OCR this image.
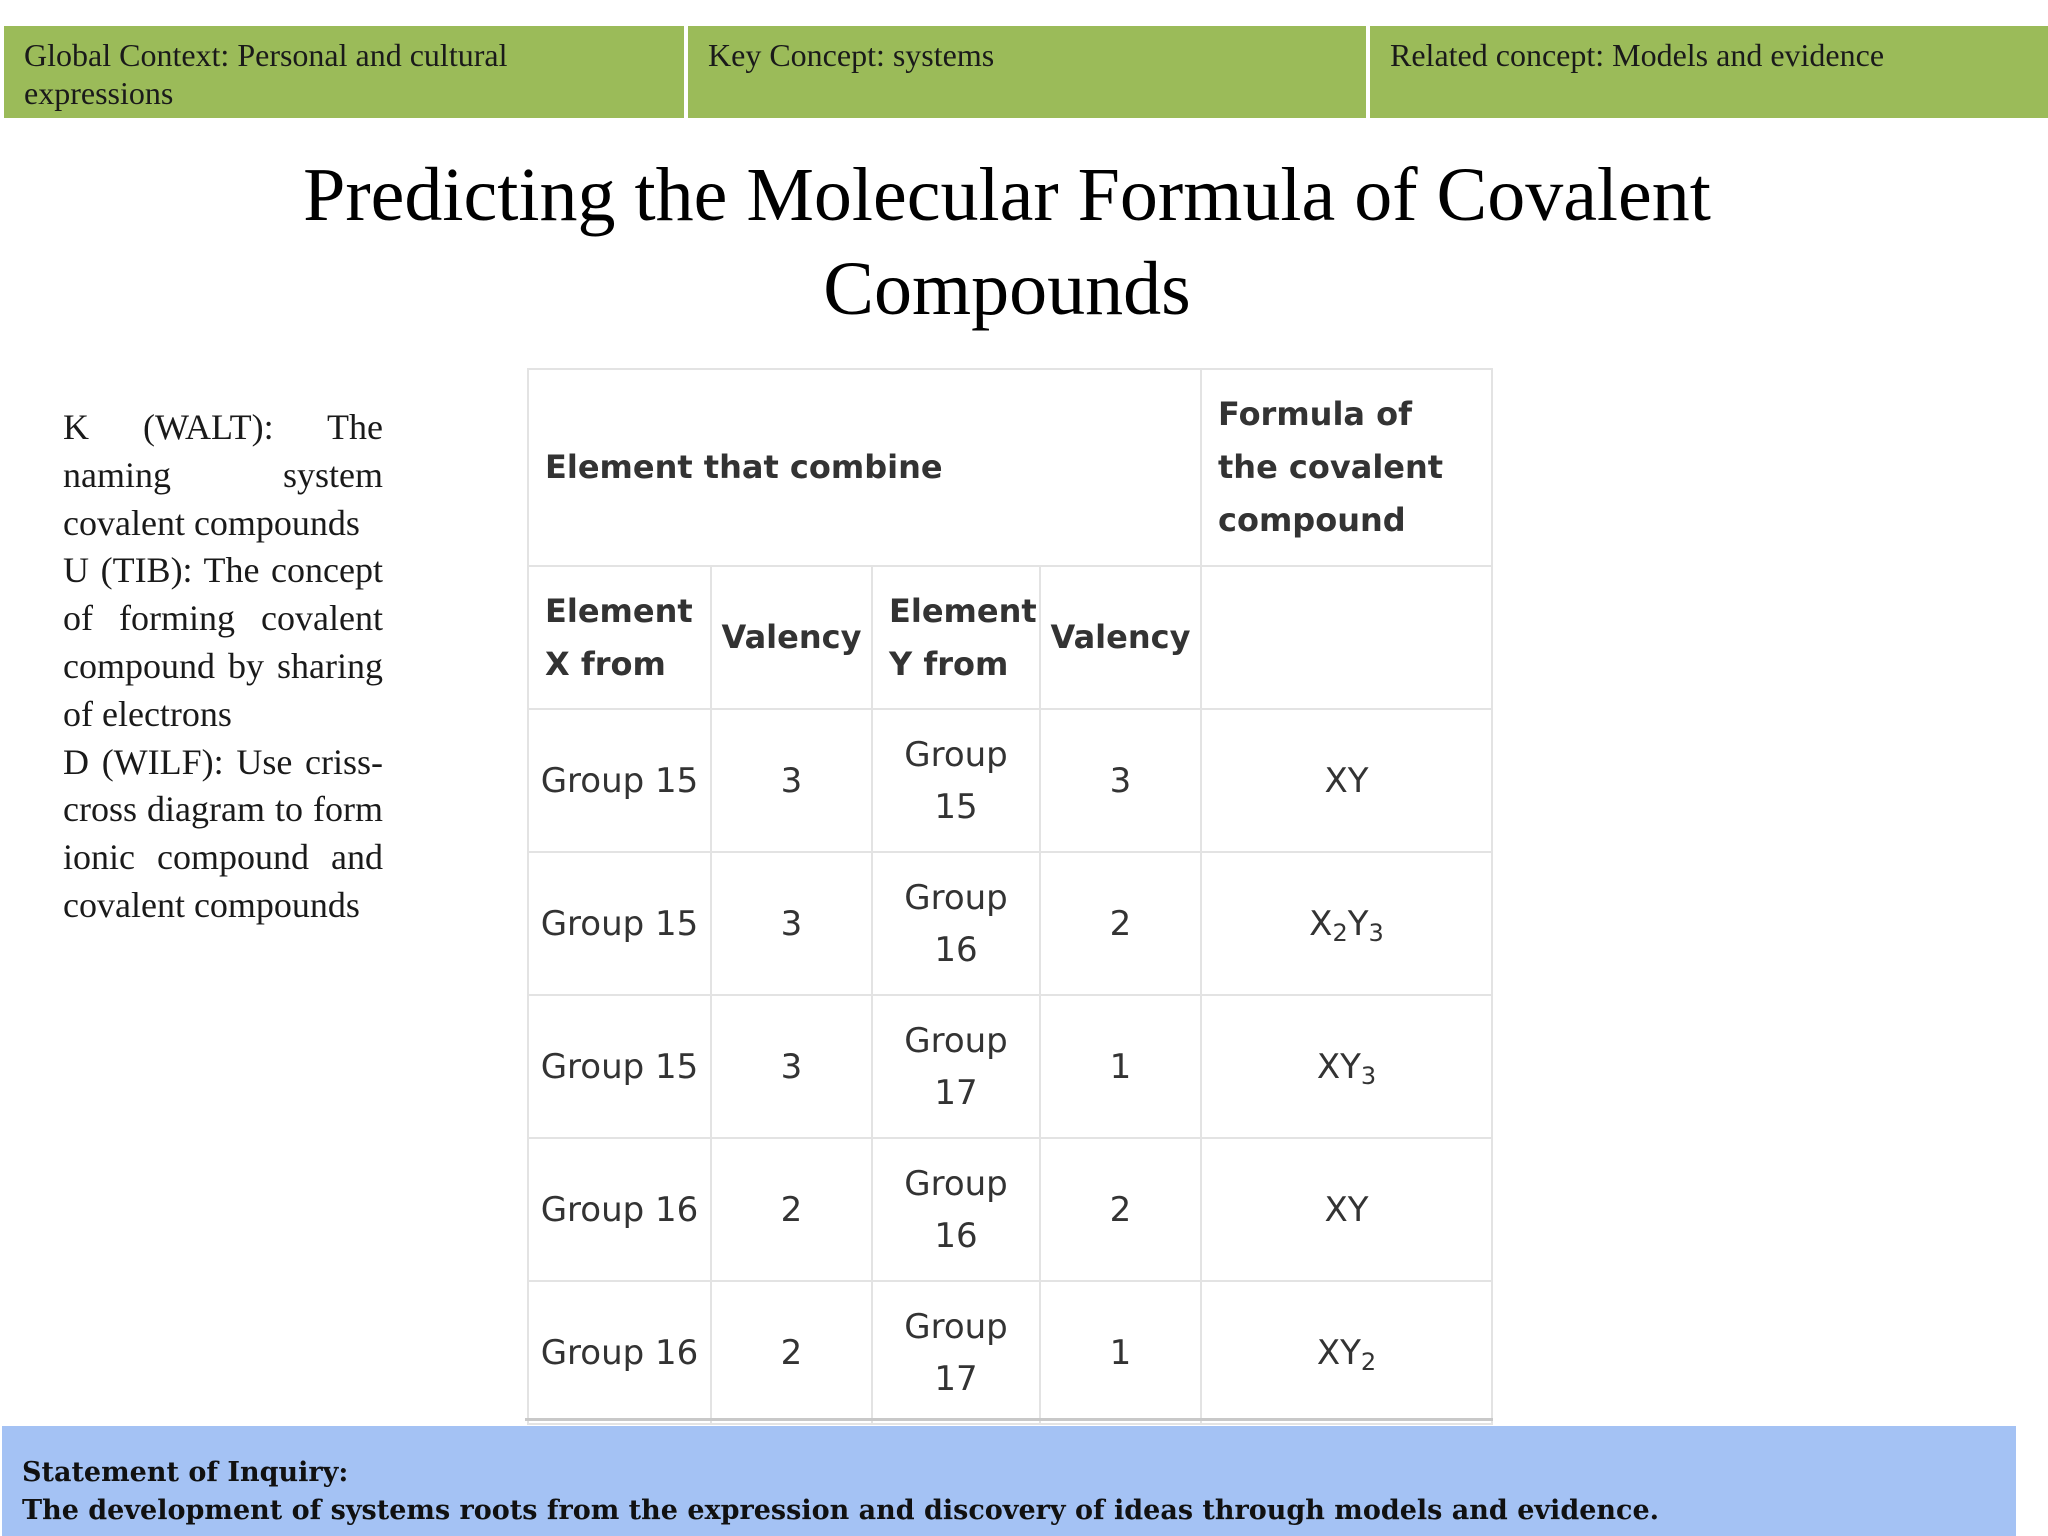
Global Context: Personal and cultural expressions
Key Concept: systems	Related concept: Models and evidence
Predicting the Molecular Formula of Covalent Compounds

K (WALT): The naming system covalent compounds

U (TIB): The concept of forming covalent compound by sharing of electrons

D (WILF): Use criss-cross diagram to form ionic compound and covalent compounds

Element that combine				Formula of the covalent compound
Element X from	Valency	Element Y from	Valency	
Group 15	3	Group 15	3	XY
Group 15	3	Group 16	2	$X_2Y_3$
Group 15	3	Group 17	1	$XY_3$
Group 16	2	Group 16	2	XY
Group 16	2	Group 17	1	$XY_2$
Statement of Inquiry:
The development of systems roots from the expression and discovery of ideas through models and evidence.
